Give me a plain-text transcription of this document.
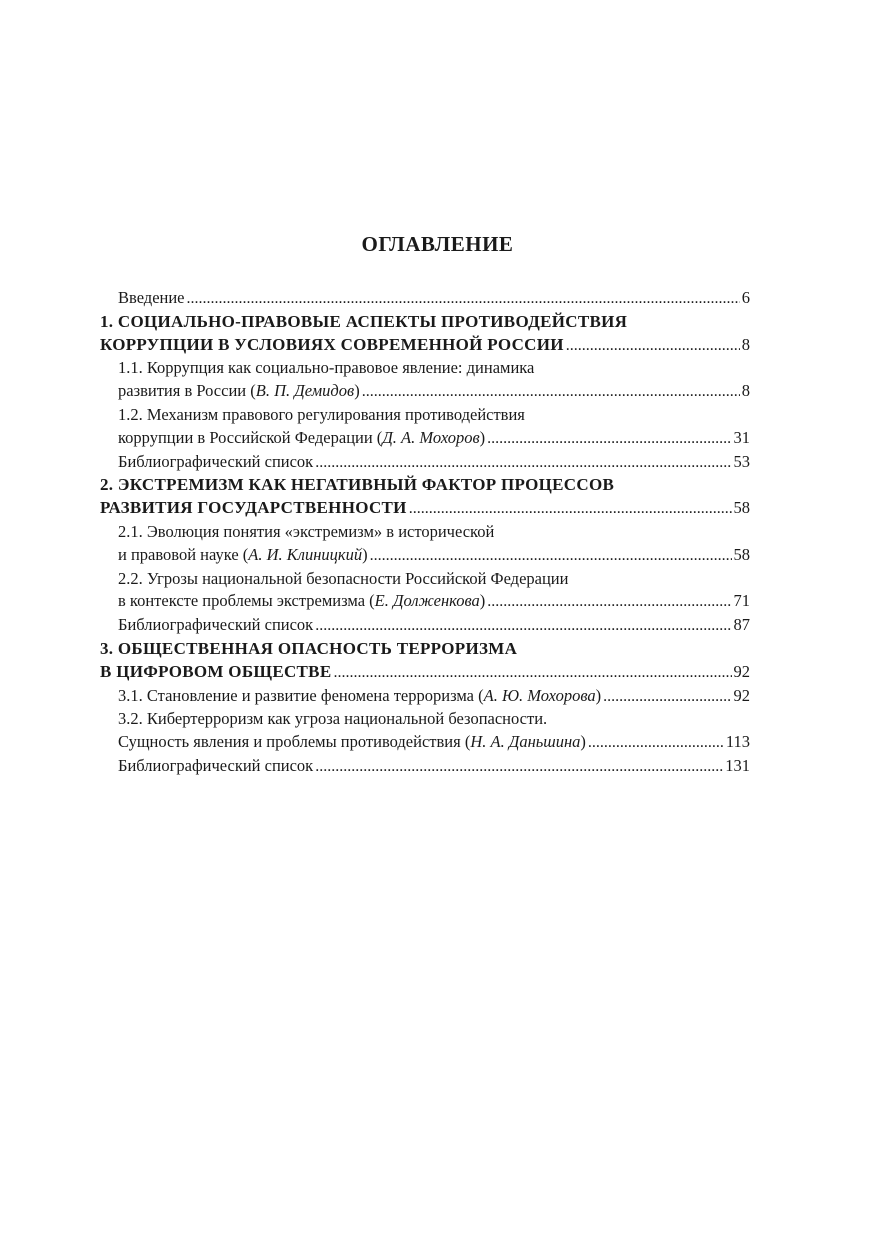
ОГЛАВЛЕНИЕ
Введение .....	6
1. СОЦИАЛЬНО-ПРАВОВЫЕ АСПЕКТЫ ПРОТИВОДЕЙСТВИЯ
КОРРУПЦИИ В УСЛОВИЯХ СОВРЕМЕННОЙ РОССИИ .....	8
1.1. Коррупция как социально-правовое явление: динамика
развития в России (В. П. Демидов) .....	8
1.2. Механизм правового регулирования противодействия
коррупции в Российской Федерации (Д. А. Мохоров) .....	31
Библиографический список .....	53
2. ЭКСТРЕМИЗМ КАК НЕГАТИВНЫЙ ФАКТОР ПРОЦЕССОВ
РАЗВИТИЯ ГОСУДАРСТВЕННОСТИ .....	58
2.1. Эволюция понятия «экстремизм» в исторической
и правовой науке (А. И. Клиницкий) .....	58
2.2. Угрозы национальной безопасности Российской Федерации
в контексте проблемы экстремизма (Е. Долженкова) .....	71
Библиографический список .....	87
3. ОБЩЕСТВЕННАЯ ОПАСНОСТЬ ТЕРРОРИЗМА
В ЦИФРОВОМ ОБЩЕСТВЕ .....	92
3.1. Становление и развитие феномена терроризма (А. Ю. Мохорова) .....	92
3.2. Кибертерроризм как угроза национальной безопасности.
Сущность явления и проблемы противодействия (Н. А. Даньшина) .....	113
Библиографический список .....	131
